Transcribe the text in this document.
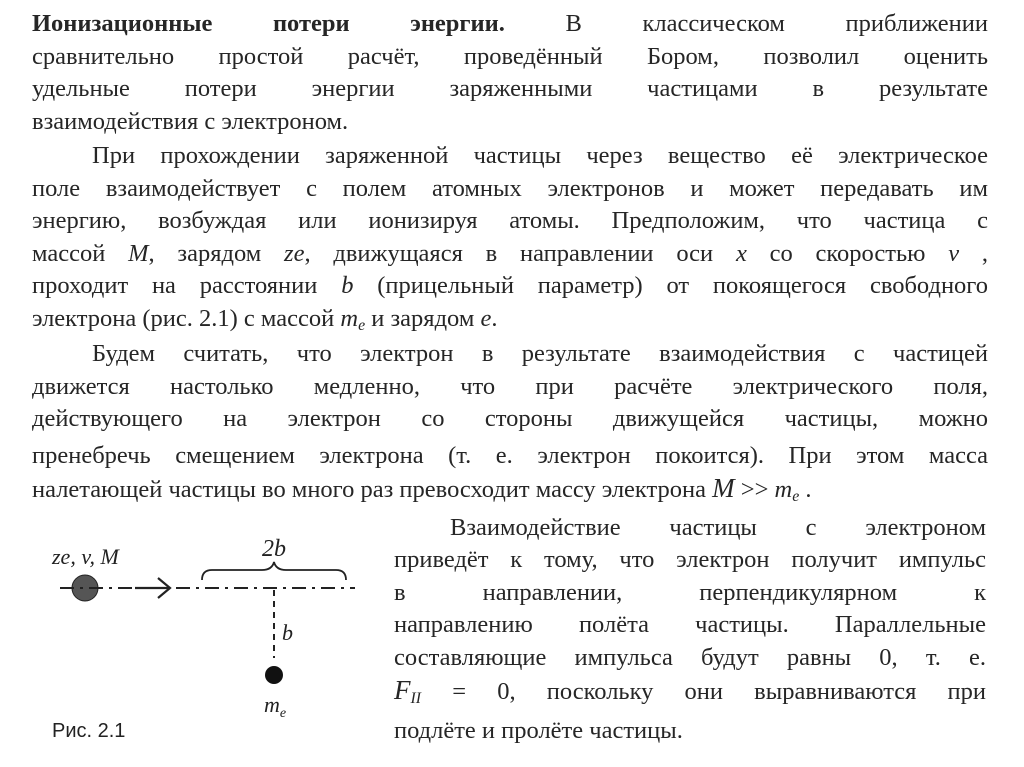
Ионизационные потери энергии. В классическом приближении
сравнительно простой расчёт, проведённый Бором, позволил оценить
удельные потери энергии заряженными частицами в результате
взаимодействия с электроном.
При прохождении заряженной частицы через вещество её электрическое
поле взаимодействует с полем атомных электронов и может передавать им
энергию, возбуждая или ионизируя атомы. Предположим, что частица с
массой M, зарядом ze, движущаяся в направлении оси x со скоростью v ,
проходит на расстоянии b (прицельный параметр) от покоящегося свободного
электрона (рис. 2.1) с массой $m_e$ и зарядом e.
Будем считать, что электрон в результате взаимодействия с частицей
движется настолько медленно, что при расчёте электрического поля,
действующего на электрон со стороны движущейся частицы, можно
пренебречь смещением электрона (т. е. электрон покоится). При этом масса
налетающей частицы во много раз превосходит массу электрона $M >> m_e$ .
Взаимодействие частицы с электроном
приведёт к тому, что электрон получит импульс
в направлении, перпендикулярном к
направлению полёта частицы. Параллельные
составляющие импульса будут равны 0, т. е.
$F_{II} = 0$, поскольку они выравниваются при
подлёте и пролёте частицы.
ze, v, M	2b
b
$m_e$
Рис. 2.1
